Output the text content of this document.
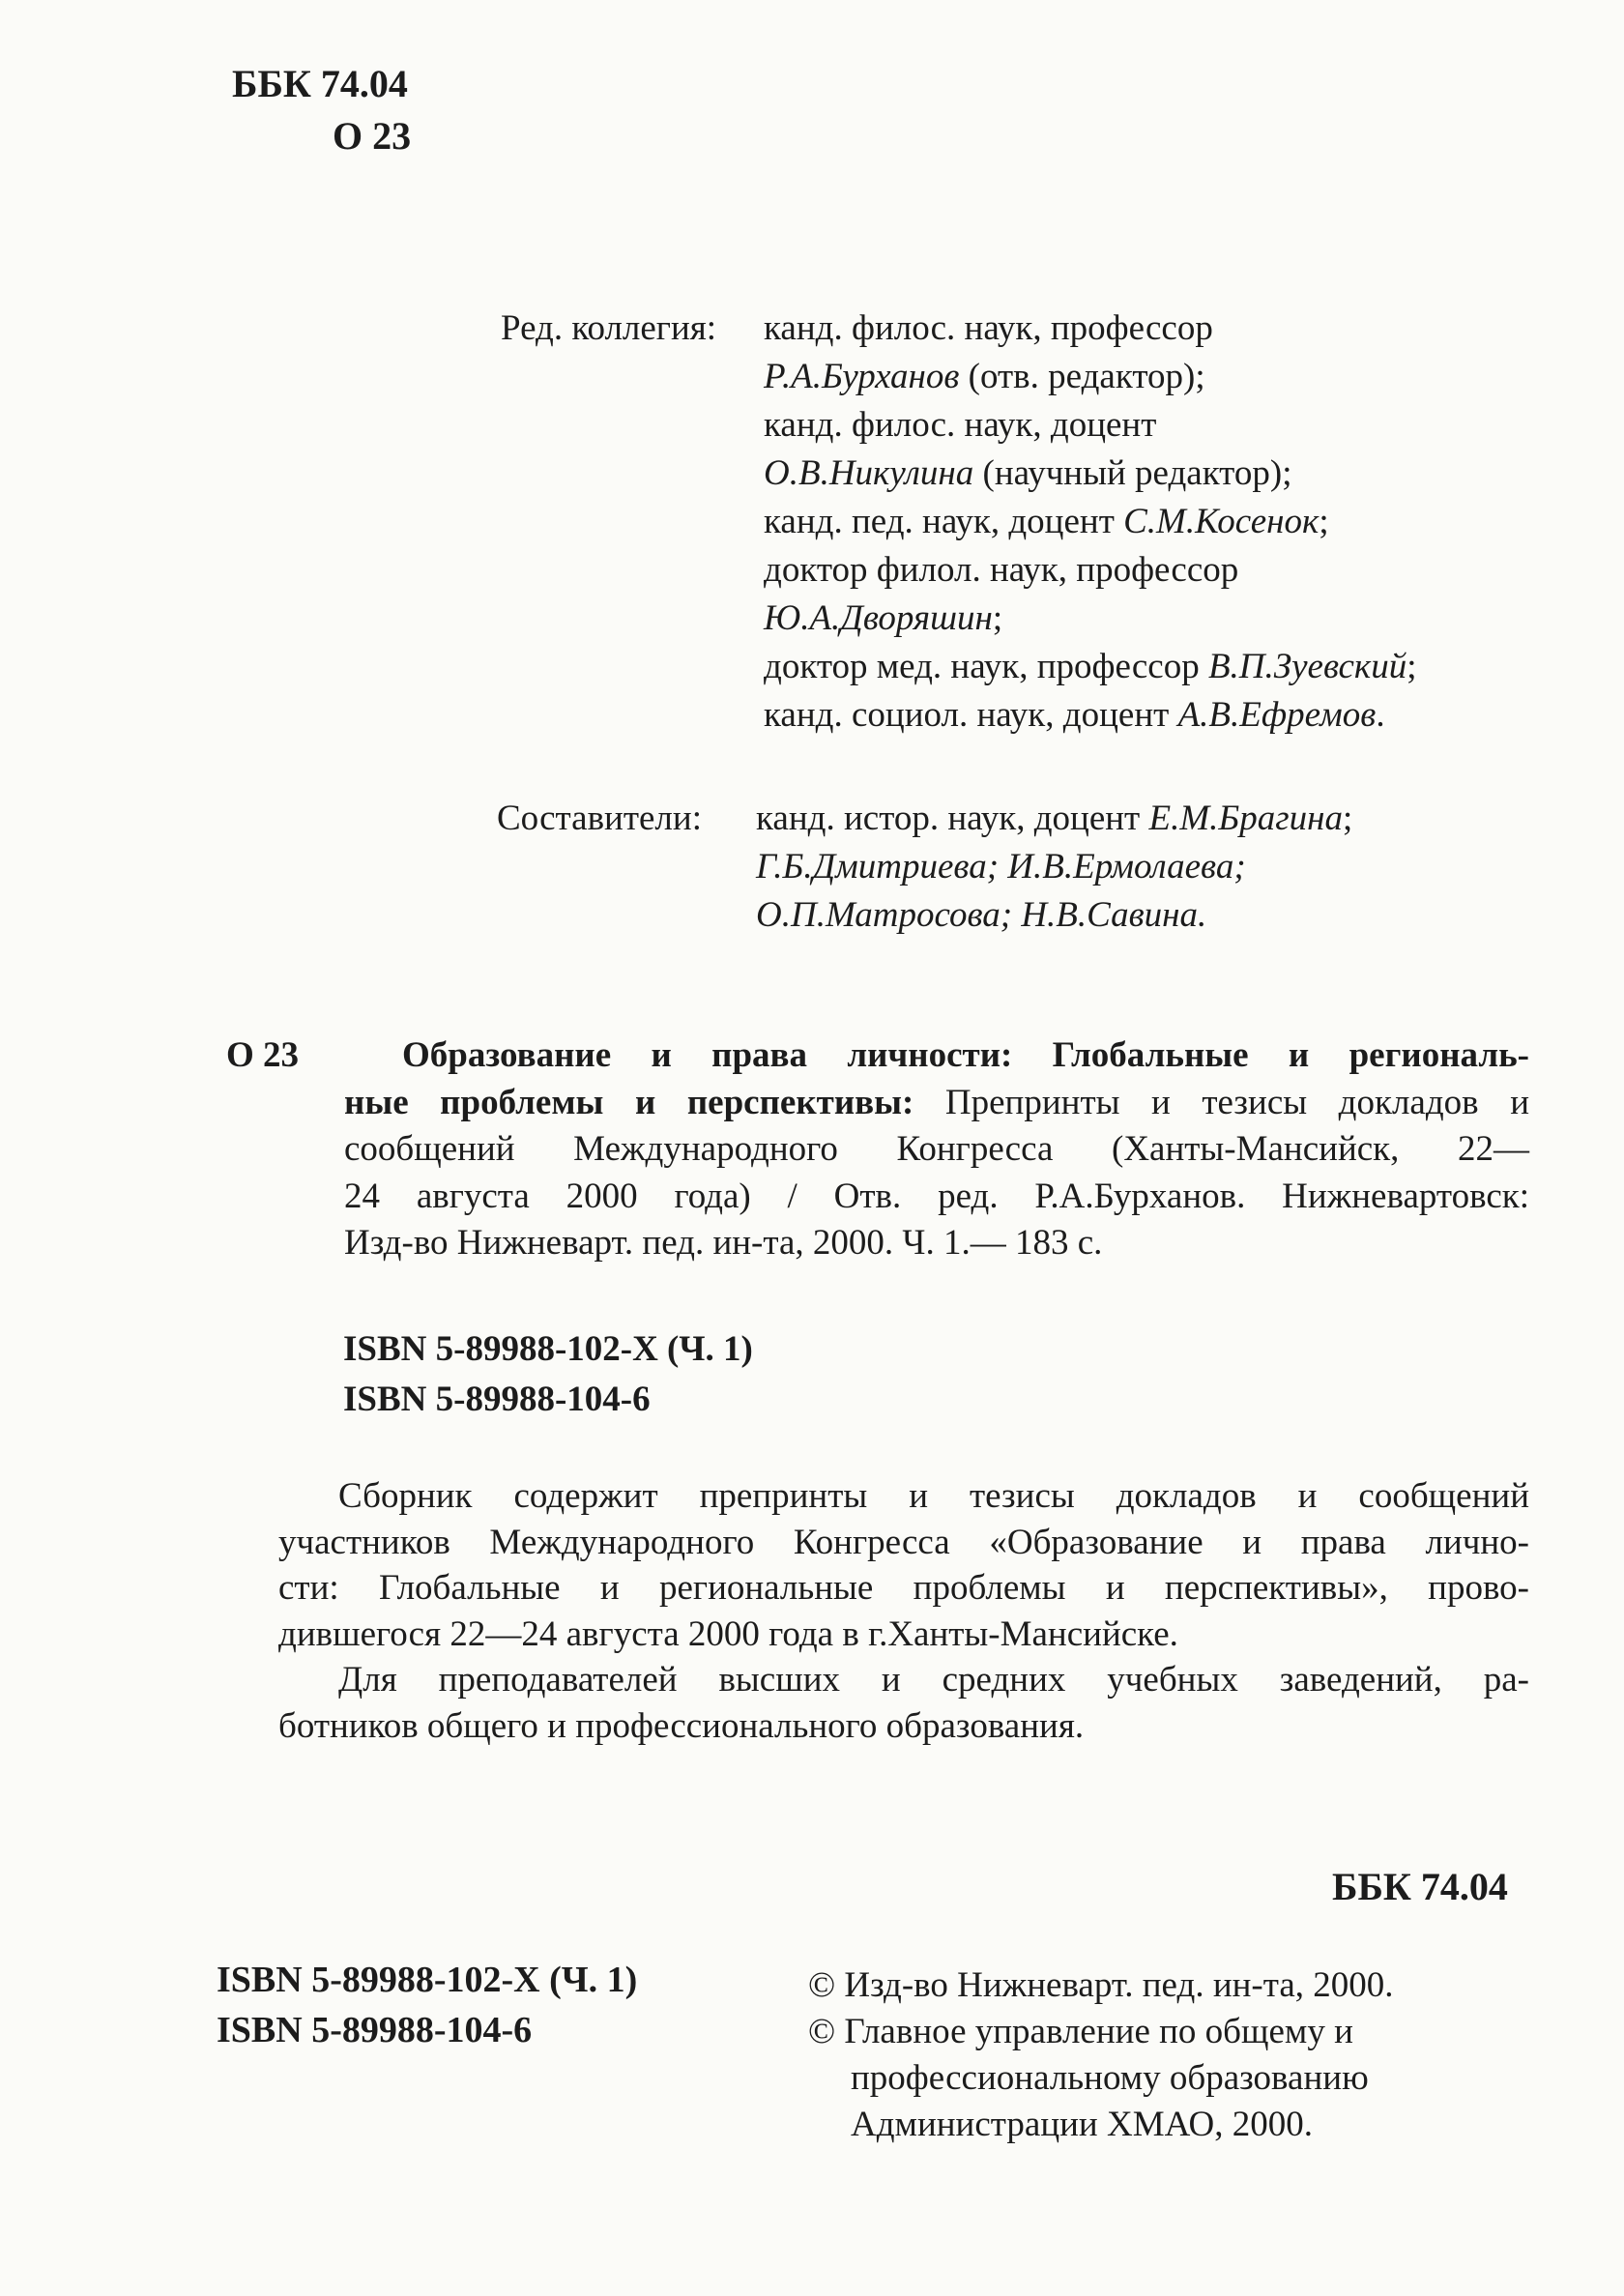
ББК 74.04
О 23
Ред. коллегия: канд. филос. наук, профессор
Р.А.Бурханов (отв. редактор);
канд. филос. наук, доцент
О.В.Никулина (научный редактор);
канд. пед. наук, доцент С.М.Косенок;
доктор филол. наук, профессор
Ю.А.Дворяшин;
доктор мед. наук, профессор В.П.Зуевский;
канд. социол. наук, доцент А.В.Ефремов.
Составители: канд. истор. наук, доцент Е.М.Брагина;
Г.Б.Дмитриева; И.В.Ермолаева;
О.П.Матросова; Н.В.Савина.
О 23	Образование и права личности: Глобальные и региональ-
ные проблемы и перспективы: Препринты и тезисы докладов и
сообщений Международного Конгресса (Ханты-Мансийск, 22—
24 августа 2000 года) / Отв. ред. Р.А.Бурханов. Нижневартовск:
Изд-во Нижневарт. пед. ин-та, 2000. Ч. 1.— 183 с.
ISBN 5-89988-102-X (Ч. 1)
ISBN 5-89988-104-6
Сборник содержит препринты и тезисы докладов и сообщений
участников Международного Конгресса «Образование и права лично-
сти: Глобальные и региональные проблемы и перспективы», прово-
дившегося 22—24 августа 2000 года в г.Ханты-Мансийске.
Для преподавателей высших и средних учебных заведений, ра-
ботников общего и профессионального образования.
ББК 74.04
ISBN 5-89988-102-X (Ч. 1)
ISBN 5-89988-104-6
© Изд-во Нижневарт. пед. ин-та, 2000.
© Главное управление по общему и
профессиональному образованию
Администрации ХМАО, 2000.
